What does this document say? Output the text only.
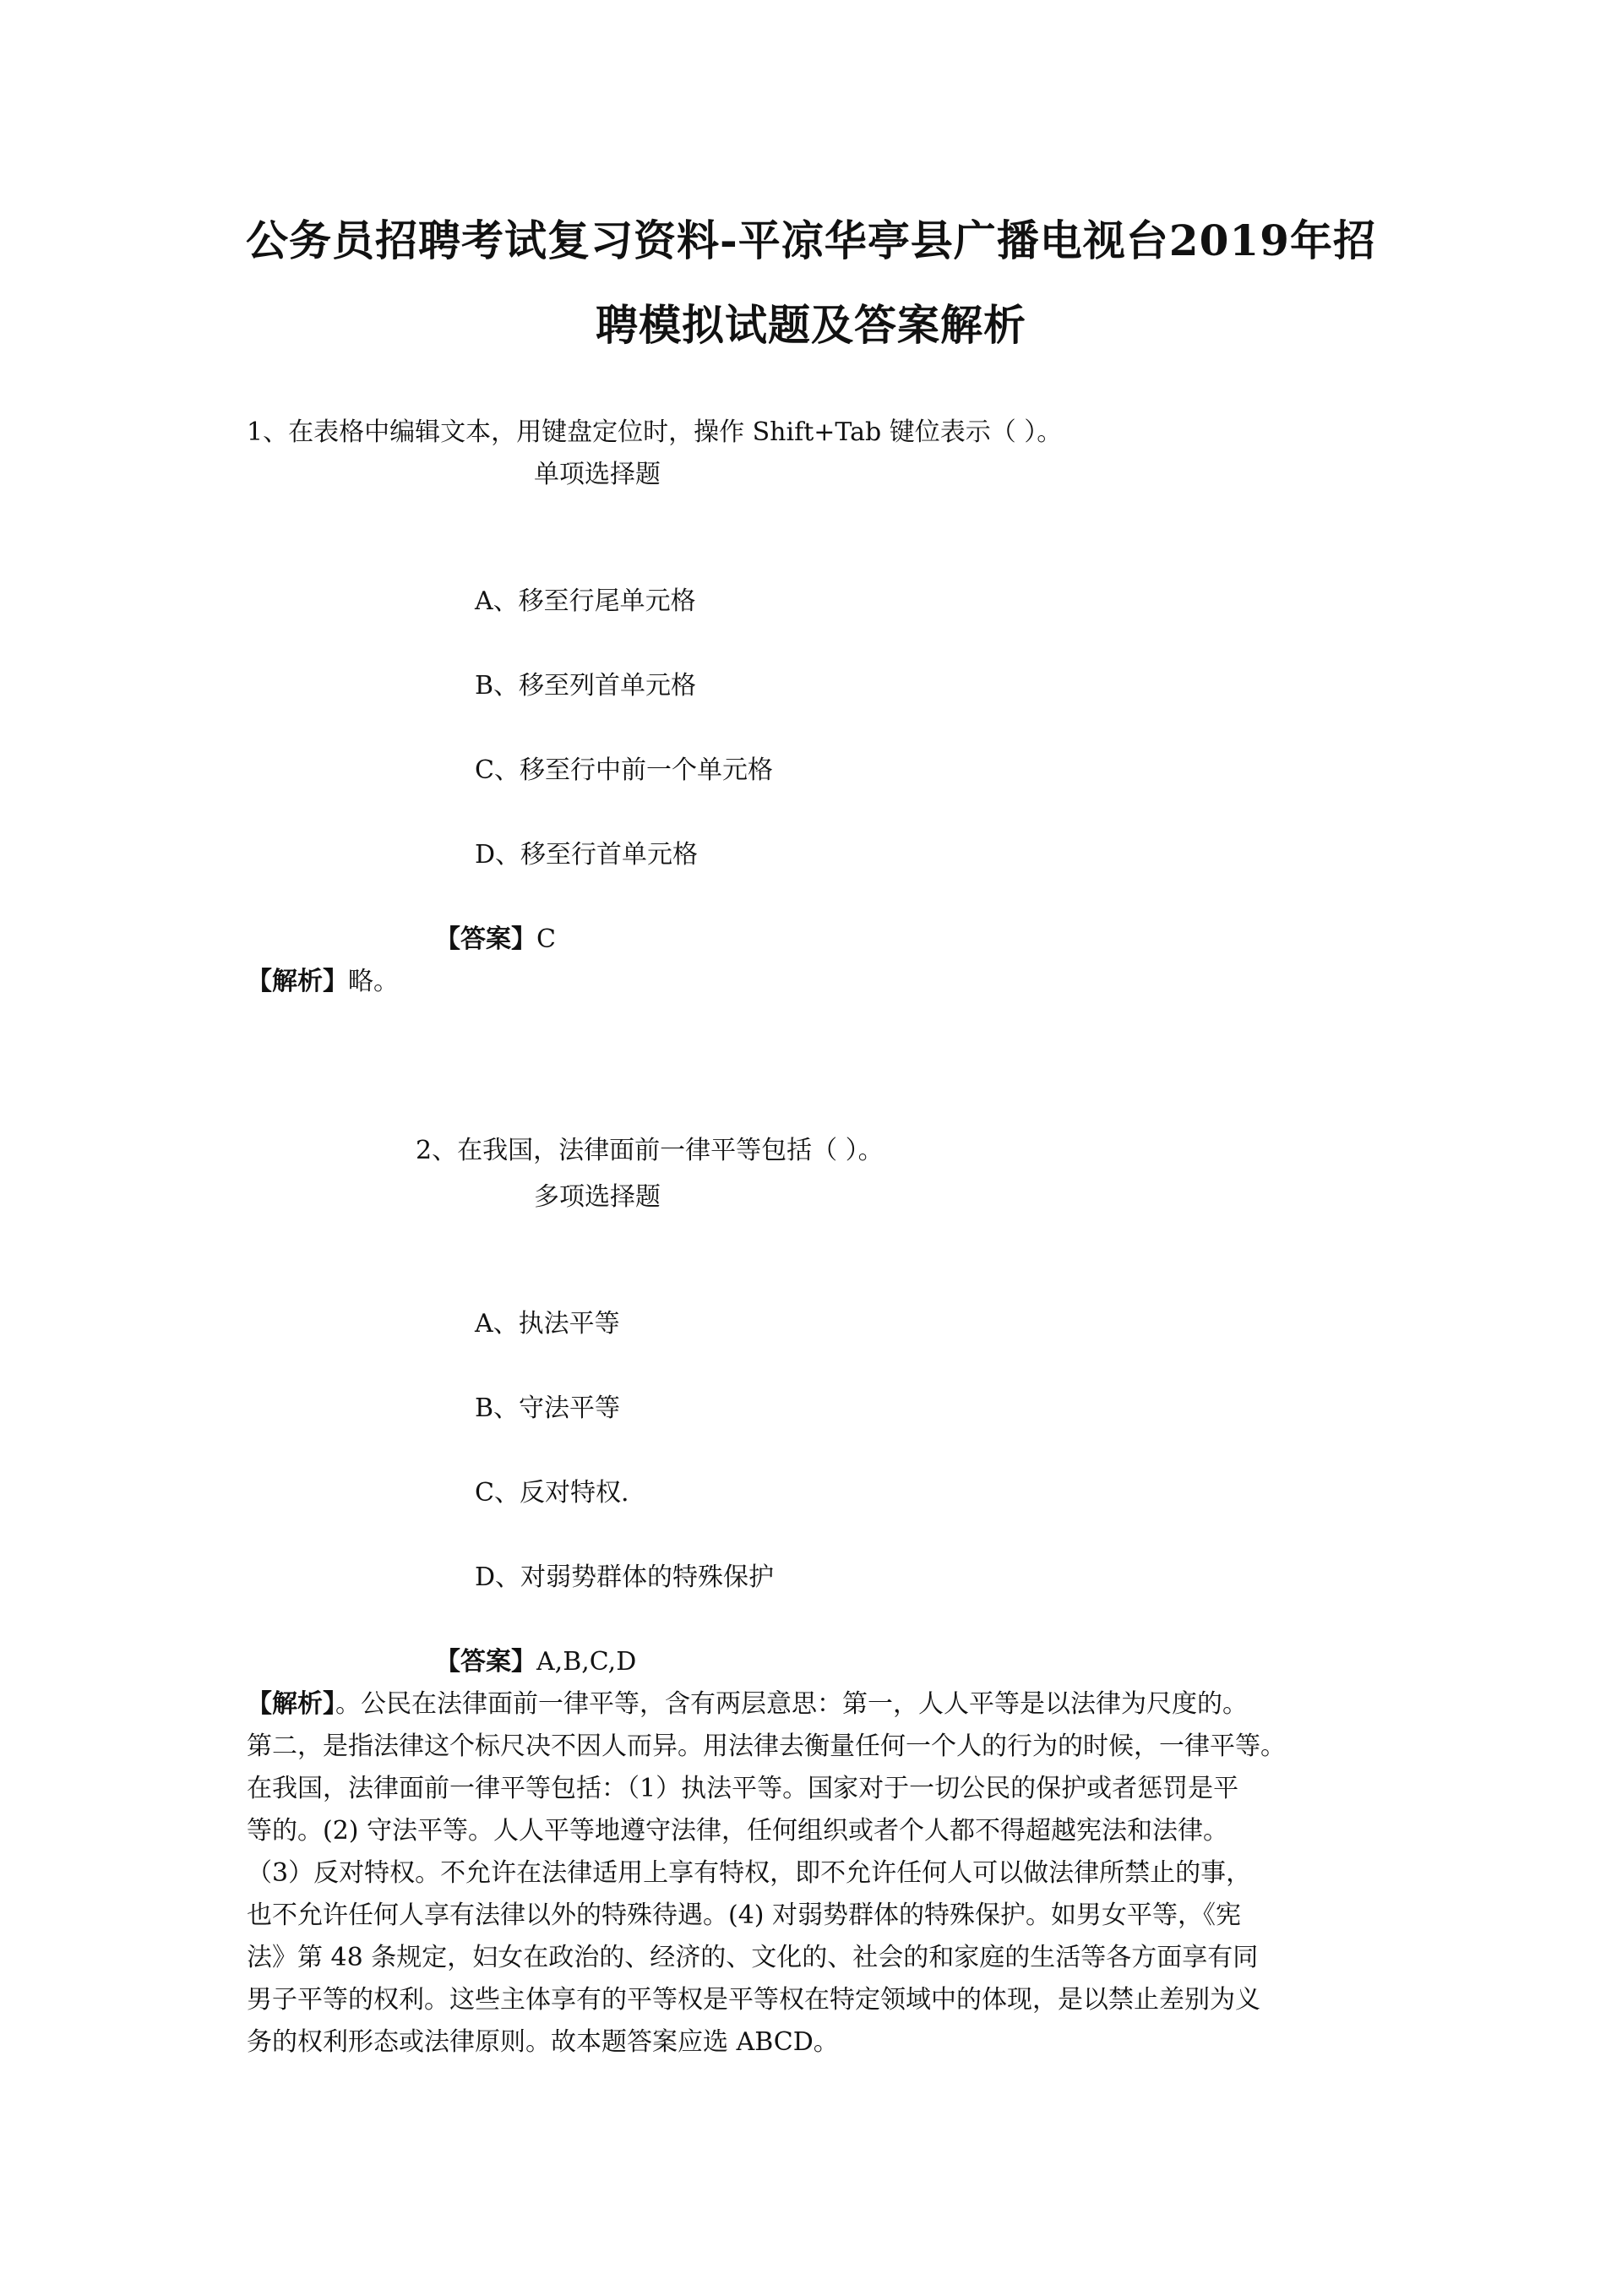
公务员招聘考试复习资料-平凉华亭县广播电视台2019年招
聘模拟试题及答案解析
1、在表格中编辑文本，用键盘定位时，操作 Shift+Tab 键位表示（ ）。
单项选择题
A、移至行尾单元格
B、移至列首单元格
C、移至行中前一个单元格
D、移至行首单元格
【答案】C
【解析】略。
2、在我国，法律面前一律平等包括（ ）。
多项选择题
A、执法平等
B、守法平等
C、反对特权.
D、对弱势群体的特殊保护
【答案】A,B,C,D
【解析】。公民在法律面前一律平等，含有两层意思：第一，人人平等是以法律为尺度的。
第二，是指法律这个标尺决不因人而异。用法律去衡量任何一个人的行为的时候，一律平等。
在我国，法律面前一律平等包括：（1）执法平等。国家对于一切公民的保护或者惩罚是平
等的。(2) 守法平等。人人平等地遵守法律，任何组织或者个人都不得超越宪法和法律。
（3）反对特权。不允许在法律适用上享有特权，即不允许任何人可以做法律所禁止的事，
也不允许任何人享有法律以外的特殊待遇。(4) 对弱势群体的特殊保护。如男女平等，《宪
法》第 48 条规定，妇女在政治的、经济的、文化的、社会的和家庭的生活等各方面享有同
男子平等的权利。这些主体享有的平等权是平等权在特定领域中的体现，是以禁止差别为义
务的权利形态或法律原则。故本题答案应选 ABCD。
